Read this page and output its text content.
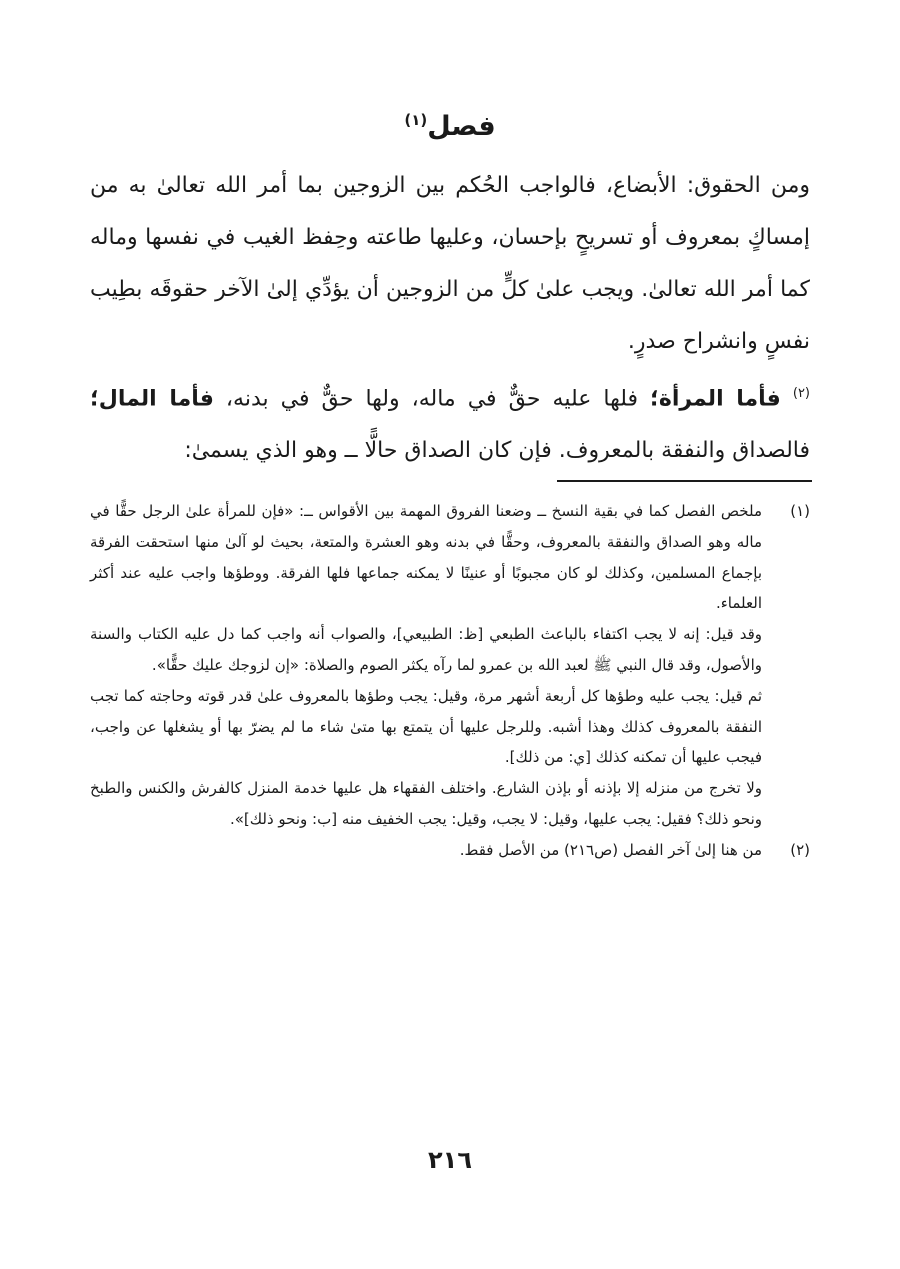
فصل$^{(١)}$

ومن الحقوق: الأبضاع، فالواجب الحُكم بين الزوجين بما أمر الله تعالىٰ به من إمساكٍ بمعروف أو تسريحٍ بإحسان، وعليها طاعته وحِفظ الغيب في نفسها وماله كما أمر الله تعالىٰ. ويجب علىٰ كلٍّ من الزوجين أن يؤدِّي إلىٰ الآخر حقوقَه بطِيب نفسٍ وانشراح صدرٍ.

$^{(٢)}$ فأما المرأة؛ فلها عليه حقٌّ في ماله، ولها حقٌّ في بدنه، فأما المال؛ فالصداق والنفقة بالمعروف. فإن كان الصداق حالًّا ــ وهو الذي يسمىٰ:

(١)

ملخص الفصل كما في بقية النسخ ــ وضعنا الفروق المهمة بين الأقواس ــ: «فإن للمرأة علىٰ الرجل حقًّا في ماله وهو الصداق والنفقة بالمعروف، وحقًّا في بدنه وهو العشرة والمتعة، بحيث لو آلىٰ منها استحقت الفرقة بإجماع المسلمين، وكذلك لو كان مجبوبًا أو عنينًا لا يمكنه جماعها فلها الفرقة. ووطؤها واجب عليه عند أكثر العلماء.

وقد قيل: إنه لا يجب اكتفاء بالباعث الطبعي [ظ: الطبيعي]، والصواب أنه واجب كما دل عليه الكتاب والسنة والأصول، وقد قال النبي ﷺ لعبد الله بن عمرو لما رآه يكثر الصوم والصلاة: «إن لزوجك عليك حقًّا».

ثم قيل: يجب عليه وطؤها كل أربعة أشهر مرة، وقيل: يجب وطؤها بالمعروف علىٰ قدر قوته وحاجته كما تجب النفقة بالمعروف كذلك وهذا أشبه. وللرجل عليها أن يتمتع بها متىٰ شاء ما لم يضرّ بها أو يشغلها عن واجب، فيجب عليها أن تمكنه كذلك [ي: من ذلك].

ولا تخرج من منزله إلا بإذنه أو بإذن الشارع. واختلف الفقهاء هل عليها خدمة المنزل كالفرش والكنس والطبخ ونحو ذلك؟ فقيل: يجب عليها، وقيل: لا يجب، وقيل: يجب الخفيف منه [ب: ونحو ذلك]».

(٢)

من هنا إلىٰ آخر الفصل (ص٢١٦) من الأصل فقط.

٢١٦
